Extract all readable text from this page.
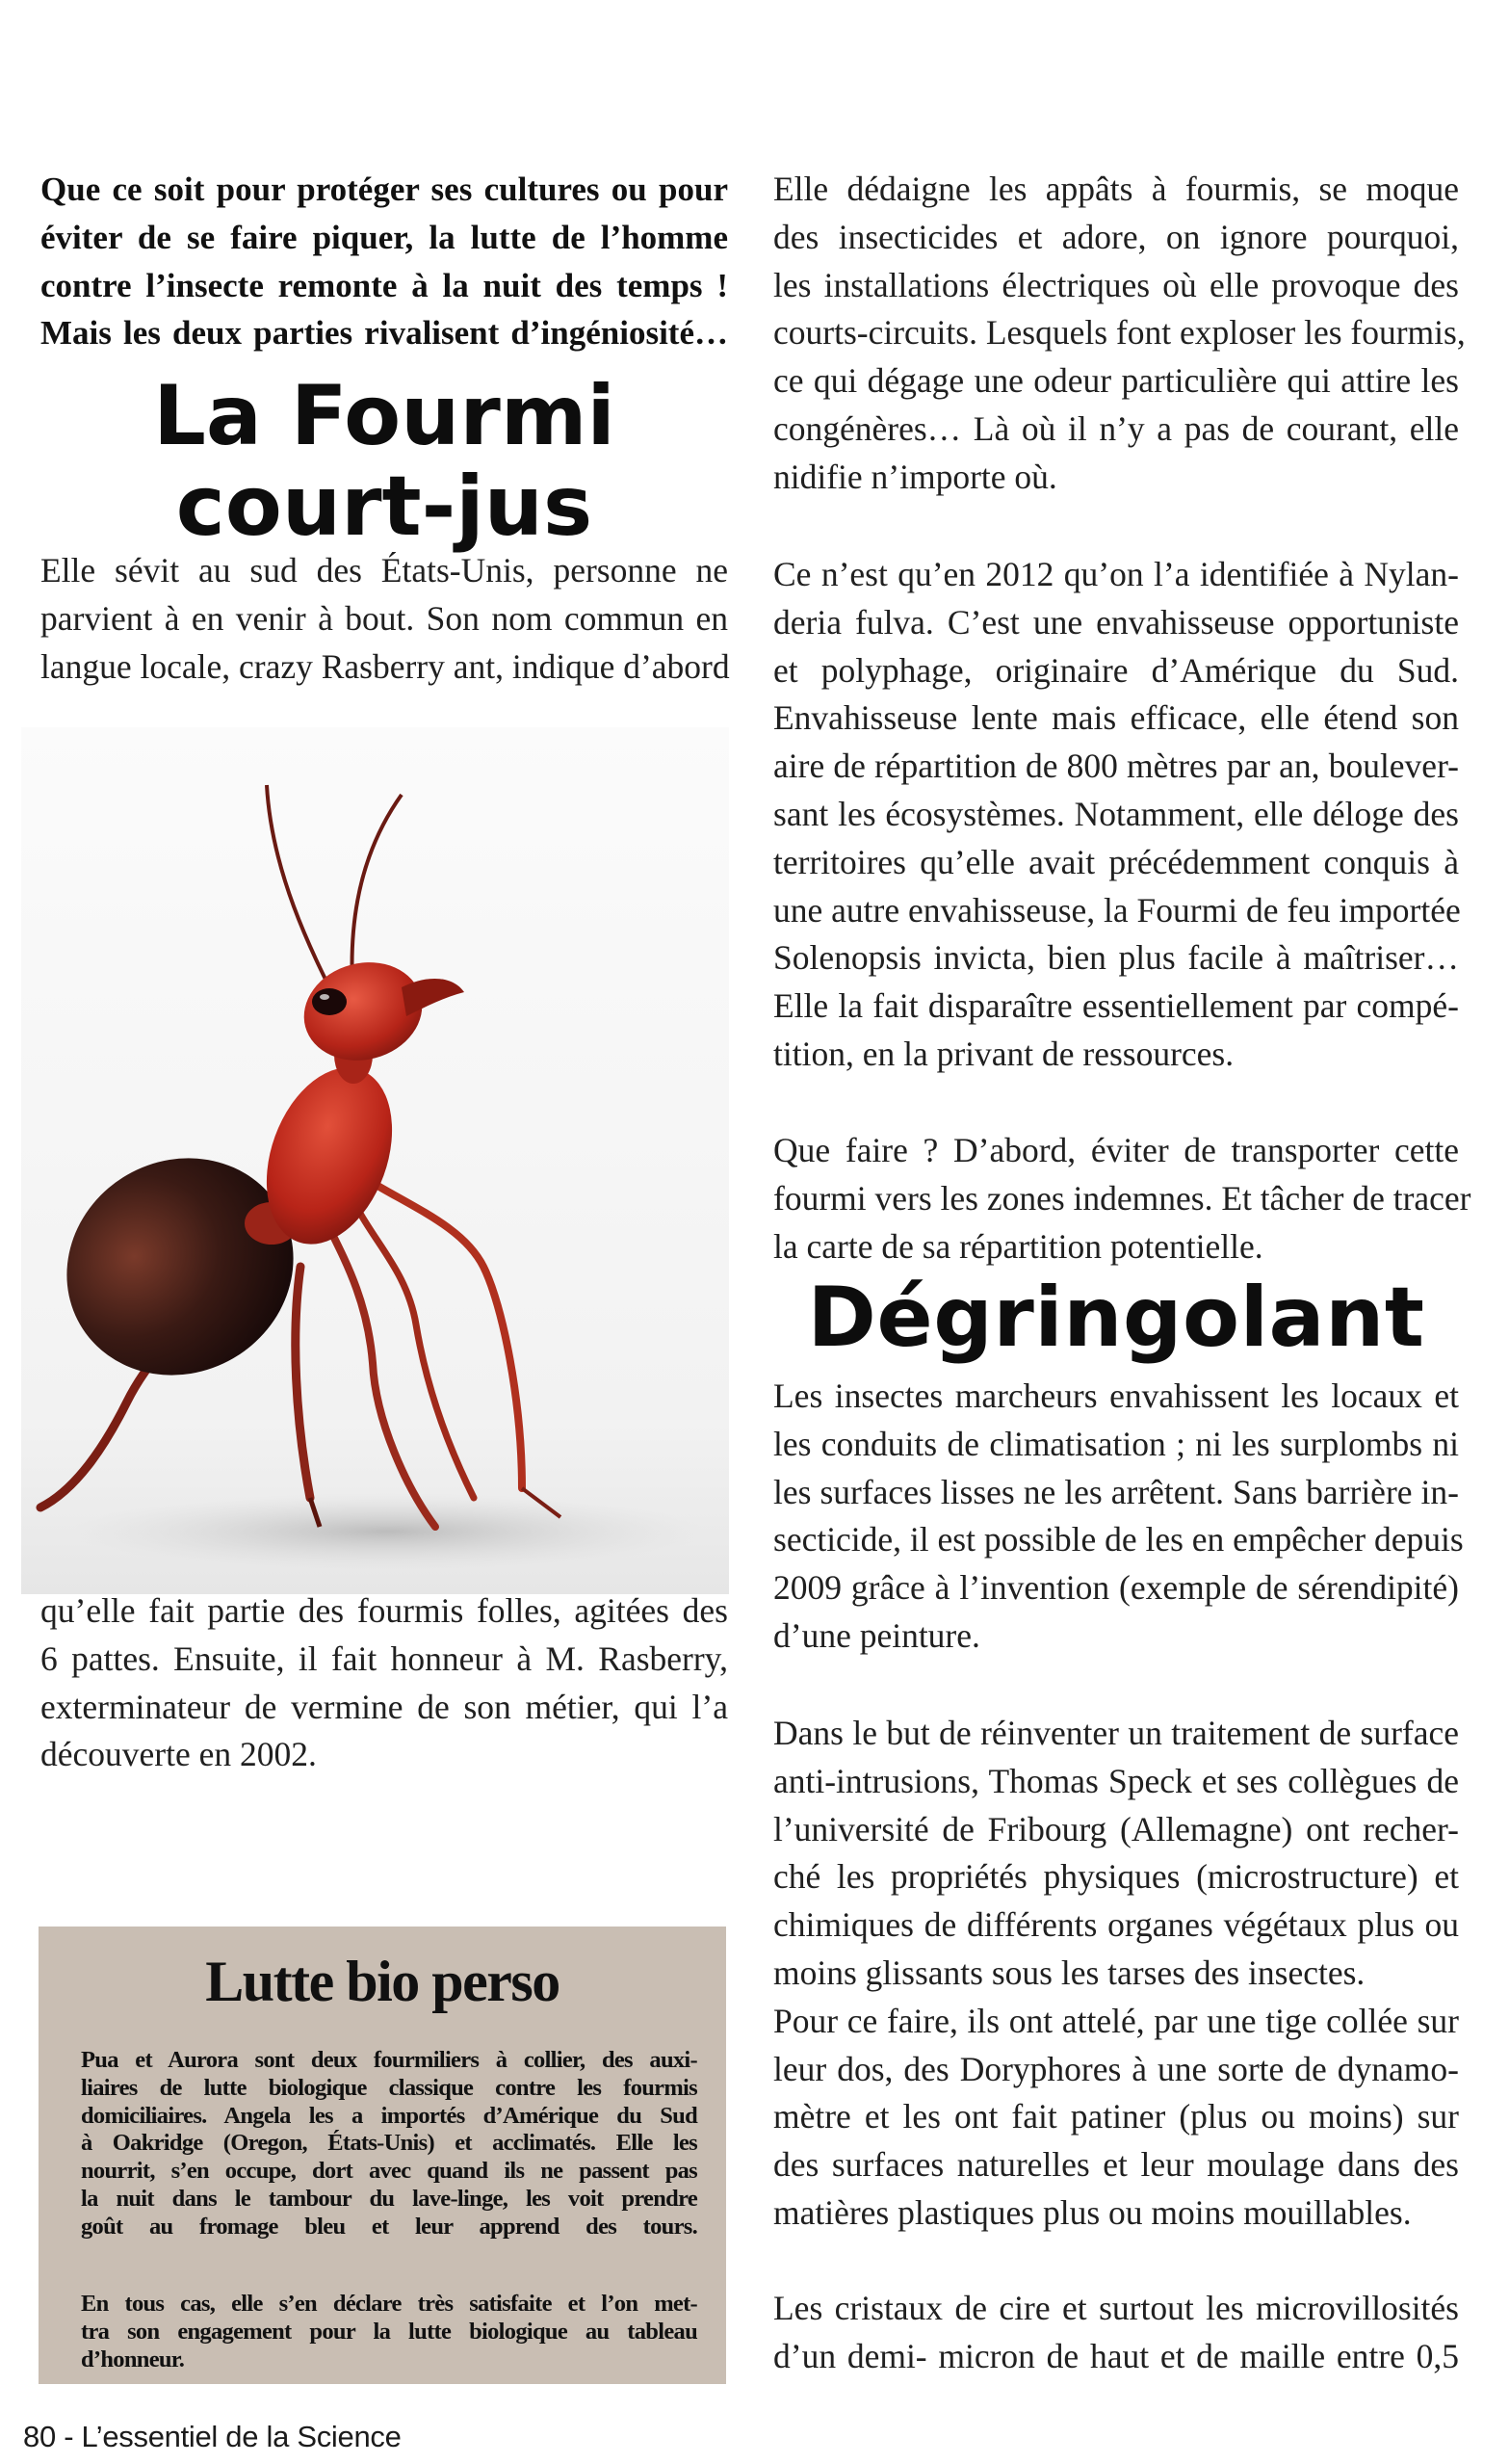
Que ce soit pour protéger ses cultures ou pour
éviter de se faire piquer, la lutte de l’homme
contre l’insecte remonte à la nuit des temps !
Mais les deux parties rivalisent d’ingéniosité…

La Fourmi
court-jus

Elle sévit au sud des États-Unis, personne ne
parvient à en venir à bout. Son nom commun en
langue locale, crazy Rasberry ant, indique d’abord

qu’elle fait partie des fourmis folles, agitées des
6 pattes. Ensuite, il fait honneur à M. Rasberry,
exterminateur de vermine de son métier, qui l’a
découverte en 2002.

Lutte bio perso
Pua et Aurora sont deux fourmiliers à collier, des auxi-
liaires de lutte biologique classique contre les fourmis
domiciliaires. Angela les a importés d’Amérique du Sud
à Oakridge (Oregon, États-Unis) et acclimatés. Elle les
nourrit, s’en occupe, dort avec quand ils ne passent pas
la nuit dans le tambour du lave-linge, les voit prendre
goût au fromage bleu et leur apprend des tours.
En tous cas, elle s’en déclare très satisfaite et l’on met-
tra son engagement pour la lutte biologique au tableau
d’honneur.

Elle dédaigne les appâts à fourmis, se moque
des insecticides et adore, on ignore pourquoi,
les installations électriques où elle provoque des
courts-circuits. Lesquels font exploser les fourmis,
ce qui dégage une odeur particulière qui attire les
congénères… Là où il n’y a pas de courant, elle
nidifie n’importe où.

Ce n’est qu’en 2012 qu’on l’a identifiée à Nylan-
deria fulva. C’est une envahisseuse opportuniste
et polyphage, originaire d’Amérique du Sud.
Envahisseuse lente mais efficace, elle étend son
aire de répartition de 800 mètres par an, boulever-
sant les écosystèmes. Notamment, elle déloge des
territoires qu’elle avait précédemment conquis à
une autre envahisseuse, la Fourmi de feu importée
Solenopsis invicta, bien plus facile à maîtriser…
Elle la fait disparaître essentiellement par compé-
tition, en la privant de ressources.

Que faire ? D’abord, éviter de transporter cette
fourmi vers les zones indemnes. Et tâcher de tracer
la carte de sa répartition potentielle.

Dégringolant

Les insectes marcheurs envahissent les locaux et
les conduits de climatisation ; ni les surplombs ni
les surfaces lisses ne les arrêtent. Sans barrière in-
secticide, il est possible de les en empêcher depuis
2009 grâce à l’invention (exemple de sérendipité)
d’une peinture.

Dans le but de réinventer un traitement de surface
anti-intrusions, Thomas Speck et ses collègues de
l’université de Fribourg (Allemagne) ont recher-
ché les propriétés physiques (microstructure) et
chimiques de différents organes végétaux plus ou
moins glissants sous les tarses des insectes.
Pour ce faire, ils ont attelé, par une tige collée sur
leur dos, des Doryphores à une sorte de dynamo-
mètre et les ont fait patiner (plus ou moins) sur
des surfaces naturelles et leur moulage dans des
matières plastiques plus ou moins mouillables.

Les cristaux de cire et surtout les microvillosités
d’un demi- micron de haut et de maille entre 0,5

80 - L’essentiel de la Science
